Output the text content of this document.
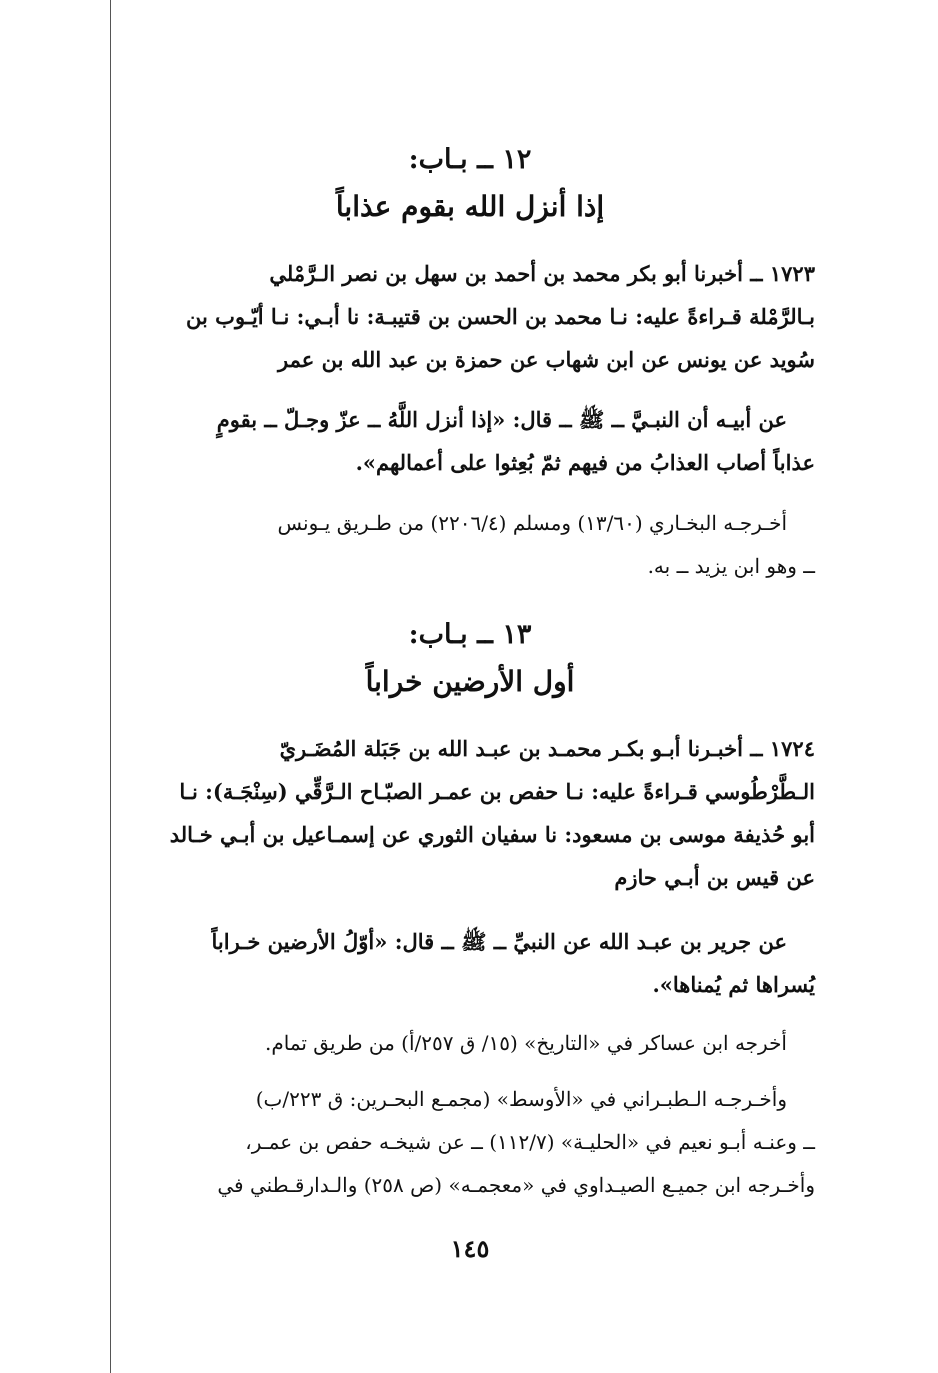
١٢ ــ بـاب:
إذا أنزل الله بقوم عذاباً
١٧٢٣ ــ أخبرنا أبو بكر محمد بن أحمد بن سهل بن نصر الـرَّمْلي
بـالرَّمْلة قـراءةً عليه: نـا محمد بن الحسن بن قتيبـة: نا أبـي: نـا أيّـوب بن
سُويد عن يونس عن ابن شهاب عن حمزة بن عبد الله بن عمر
عن أبيـه أن النبـيَّ ــ ﷺ ــ قال: «إذا أنزل اللَّهُ ــ عزّ وجـلّ ــ بقومٍ
عذاباً أصاب العذابُ من فيهم ثمّ بُعِثوا على أعمالهم».
أخـرجـه البخـاري (١٣/٦٠) ومسلم (٢٢٠٦/٤) من طـريق يـونس
ــ وهو ابن يزيد ــ به.
١٣ ــ بـاب:
أول الأرضين خراباً
١٧٢٤ ــ أخبـرنا أبـو بكـر محمـد بن عبـد الله بن جَبَلة المُضَـريّ
الـطَّرْطُوسي قـراءةً عليه: نـا حفص بن عمـر الصبّـاح الـرَّقِّي (سِنْجَـة): نـا
أبو حُذيفة موسى بن مسعود: نا سفيان الثوري عن إسمـاعيل بن أبـي خـالد
عن قيس بن أبـي حازم
عن جرير بن عبـد الله عن النبيِّ ــ ﷺ ــ قال: «أوّلُ الأرضين خـراباً
يُسراها ثم يُمناها».
أخرجه ابن عساكر في «التاريخ» (١٥/ ق ٢٥٧/أ) من طريق تمام.
وأخـرجـه الـطبـراني في «الأوسط» (مجمـع البحـرين: ق ٢٢٣/ب)
ــ وعنـه أبـو نعيم في «الحليـة» (١١٢/٧) ــ عن شيخـه حفص بن عمـر،
وأخـرجه ابن جميـع الصيـداوي في «معجمـه» (ص ٢٥٨) والـدارقـطني في
١٤٥
